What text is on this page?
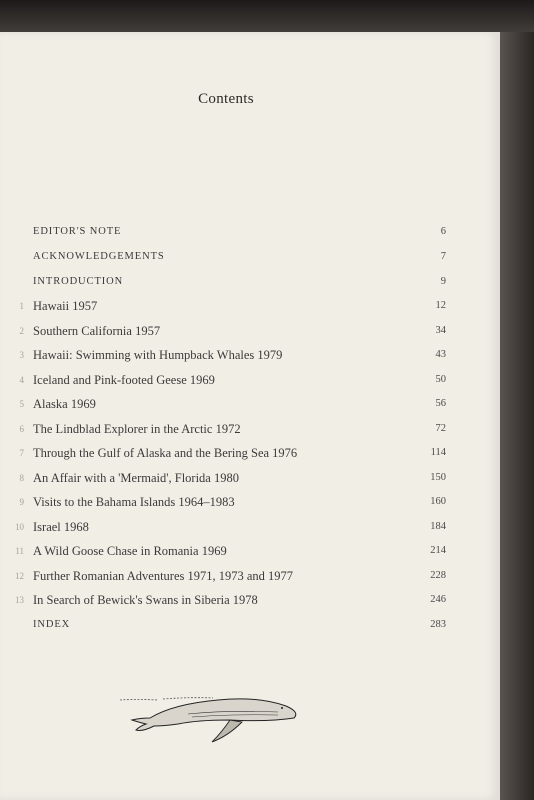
Contents
EDITOR'S NOTE	6
ACKNOWLEDGEMENTS	7
INTRODUCTION	9
1 Hawaii 1957	12
2 Southern California 1957	34
3 Hawaii: Swimming with Humpback Whales 1979	43
4 Iceland and Pink-footed Geese 1969	50
5 Alaska 1969	56
6 The Lindblad Explorer in the Arctic 1972	72
7 Through the Gulf of Alaska and the Bering Sea 1976	114
8 An Affair with a 'Mermaid', Florida 1980	150
9 Visits to the Bahama Islands 1964–1983	160
10 Israel 1968	184
11 A Wild Goose Chase in Romania 1969	214
12 Further Romanian Adventures 1971, 1973 and 1977	228
13 In Search of Bewick's Swans in Siberia 1978	246
INDEX	283
